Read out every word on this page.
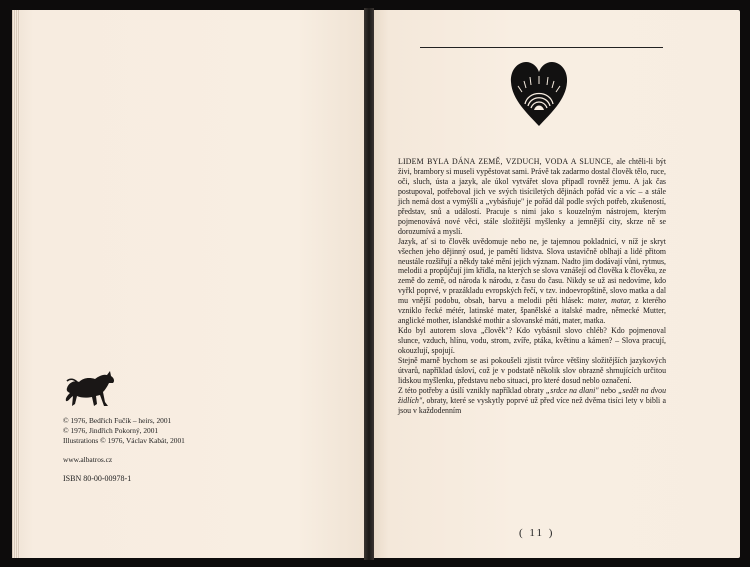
© 1976, Bedřich Fučík – heirs, 2001
© 1976, Jindřich Pokorný, 2001
Illustrations © 1976, Václav Kabát, 2001
www.albatros.cz
ISBN 80-00-00978-1

LIDEM BYLA DÁNA ZEMĚ, VZDUCH, VODA A SLUNCE, ale chtěli-li být živi, brambory si museli vypěstovat sami. Právě tak zadarmo dostal člověk tělo, ruce, oči, sluch, ústa a jazyk, ale úkol vytvářet slova připadl rovněž jemu. A jak čas postupoval, potřeboval jich ve svých tisíciletých dějinách pořád víc a víc – a stále jich nemá dost a vymýšlí a „vybásňuje" je pořád dál podle svých potřeb, zkušeností, představ, snů a událostí. Pracuje s nimi jako s kouzelným nástrojem, kterým pojmenovává nové věci, stále složitější myšlenky a jemnější city, skrze ně se dorozumívá a myslí.

Jazyk, ať si to člověk uvědomuje nebo ne, je tajemnou pokladnicí, v níž je skryt všechen jeho dějinný osud, je pamětí lidstva. Slova ustavičně oblhají a lidé přitom neustále rozšiřují a někdy také mění jejich význam. Nadto jim dodávají vůni, rytmus, melodii a propůjčují jim křídla, na kterých se slova vznášejí od člověka k člověku, ze země do země, od národa k národu, z času do času. Nikdy se už asi nedovíme, kdo vyřkl poprvé, v prazákladu evropských řečí, v tzv. indoevropštině, slovo matka a dal mu vnější podobu, obsah, barvu a melodii pěti hlásek: mater, matar, z kterého vzniklo řecké métér, latinské mater, španělské a italské madre, německé Mutter, anglické mother, islandské mothir a slovanské máti, mater, matka.

Kdo byl autorem slova „člověk"? Kdo vybásnil slovo chléb? Kdo pojmenoval slunce, vzduch, hlínu, vodu, strom, zvíře, ptáka, květinu a kámen? – Slova pracují, okouzlují, spojují.

Stejně marně bychom se asi pokoušeli zjistit tvůrce většiny složitějších jazykových útvarů, například úsloví, což je v podstatě několik slov obrazně shrnujících určitou lidskou myšlenku, představu nebo situaci, pro které dosud neblo označení.

Z této potřeby a úsilí vznikly například obraty „srdce na dlani" nebo „sedět na dvou židlích", obraty, které se vyskytly poprvé už před více než dvěma tisíci lety v bibli a jsou v každodenním

( 11 )
